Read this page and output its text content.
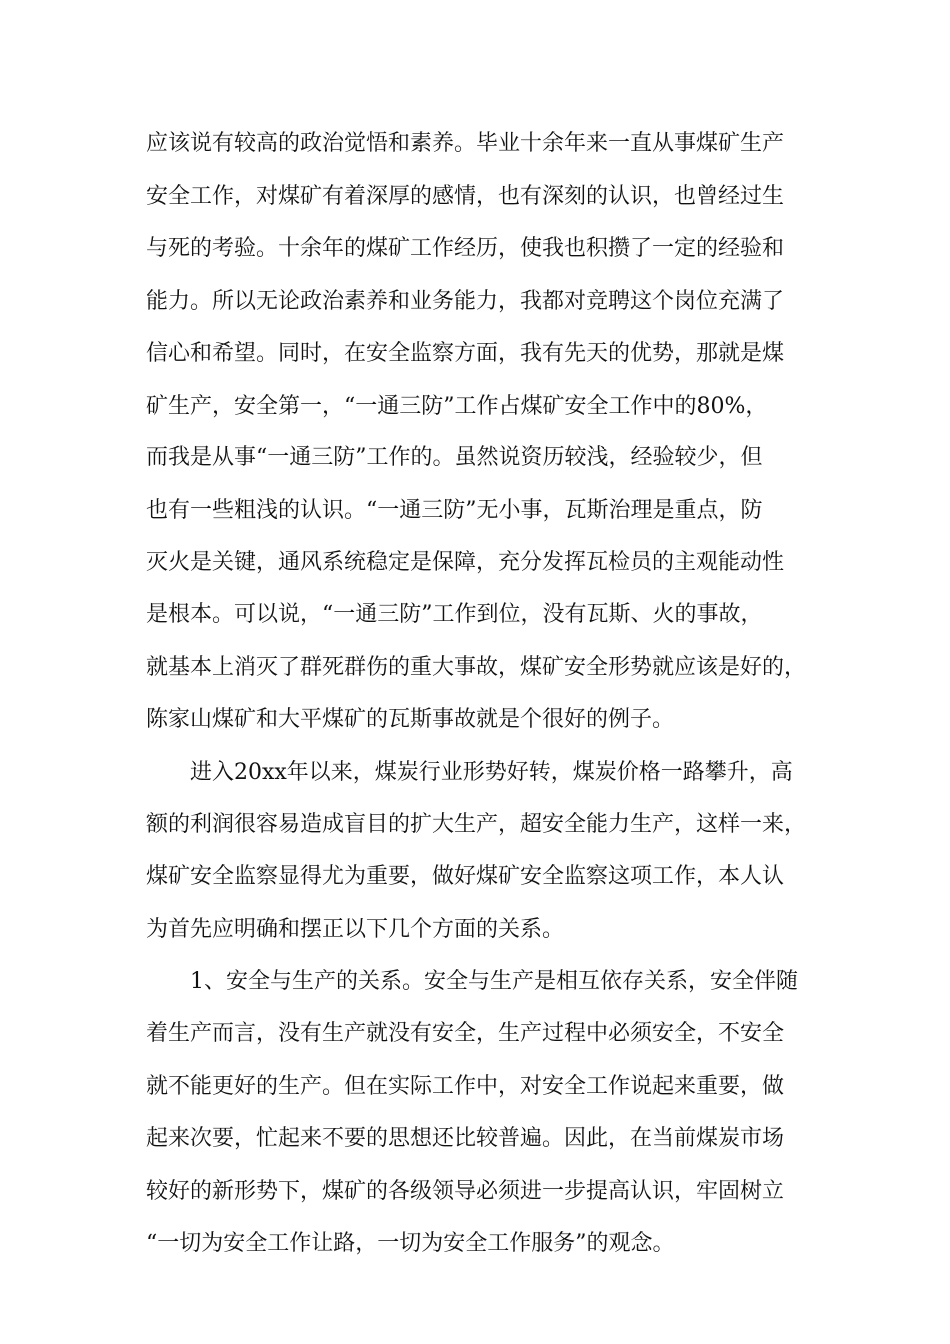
应该说有较高的政治觉悟和素养。毕业十余年来一直从事煤矿生产
安全工作，对煤矿有着深厚的感情，也有深刻的认识，也曾经过生
与死的考验。十余年的煤矿工作经历，使我也积攒了一定的经验和
能力。所以无论政治素养和业务能力，我都对竞聘这个岗位充满了
信心和希望。同时，在安全监察方面，我有先天的优势，那就是煤
矿生产，安全第一，“一通三防”工作占煤矿安全工作中的80%，
而我是从事“一通三防”工作的。虽然说资历较浅，经验较少，但
也有一些粗浅的认识。“一通三防”无小事，瓦斯治理是重点，防
灭火是关键，通风系统稳定是保障，充分发挥瓦检员的主观能动性
是根本。可以说，“一通三防”工作到位，没有瓦斯、火的事故，
就基本上消灭了群死群伤的重大事故，煤矿安全形势就应该是好的，
陈家山煤矿和大平煤矿的瓦斯事故就是个很好的例子。
进入20xx年以来，煤炭行业形势好转，煤炭价格一路攀升，高
额的利润很容易造成盲目的扩大生产，超安全能力生产，这样一来，
煤矿安全监察显得尤为重要，做好煤矿安全监察这项工作，本人认
为首先应明确和摆正以下几个方面的关系。
1、安全与生产的关系。安全与生产是相互依存关系，安全伴随
着生产而言，没有生产就没有安全，生产过程中必须安全，不安全
就不能更好的生产。但在实际工作中，对安全工作说起来重要，做
起来次要，忙起来不要的思想还比较普遍。因此，在当前煤炭市场
较好的新形势下，煤矿的各级领导必须进一步提高认识，牢固树立
“一切为安全工作让路，一切为安全工作服务”的观念。
